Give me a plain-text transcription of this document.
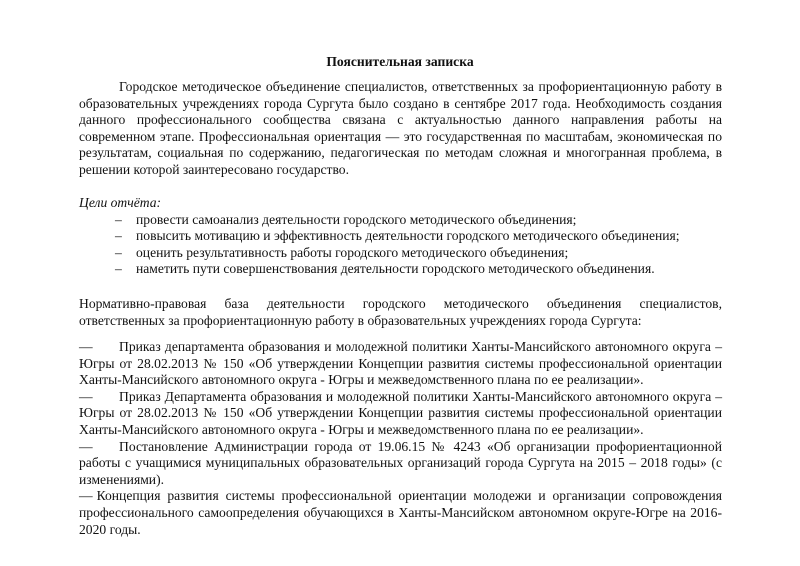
Пояснительная записка

Городское методическое объединение специалистов, ответственных за профориентационную работу в образовательных учреждениях города Сургута было создано в сентябре 2017 года. Необходимость создания данного профессионального сообщества связана с актуальностью данного направления работы на современном этапе. Профессиональная ориентация — это государственная по масштабам, экономическая по результатам, социальная по содержанию, педагогическая по методам сложная и многогранная проблема, в решении которой заинтересовано государство.

Цели отчёта:

– провести самоанализ деятельности городского методического объединения;

– повысить мотивацию и эффективность деятельности городского методического объединения;

– оценить результативность работы городского методического объединения;

– наметить пути совершенствования деятельности городского методического объединения.

Нормативно-правовая база деятельности городского методического объединения специалистов, ответственных за профориентационную работу в образовательных учреждениях города Сургута:

— Приказ департамента образования и молодежной политики Ханты-Мансийского автономного округа – Югры от 28.02.2013 № 150 «Об утверждении Концепции развития системы профессиональной ориентации Ханты-Мансийского автономного округа - Югры и межведомственного плана по ее реализации».

— Приказ Департамента образования и молодежной политики Ханты-Мансийского автономного округа – Югры от 28.02.2013 № 150 «Об утверждении Концепции развития системы профессиональной ориентации Ханты-Мансийского автономного округа - Югры и межведомственного плана по ее реализации».

— Постановление Администрации города от 19.06.15 № 4243 «Об организации профориентационной работы с учащимися муниципальных образовательных организаций города Сургута на 2015 – 2018 годы» (с изменениями).

— Концепция развития системы профессиональной ориентации молодежи и организации сопровождения профессионального самоопределения обучающихся в Ханты-Мансийском автономном округе-Югре на 2016-2020 годы.
